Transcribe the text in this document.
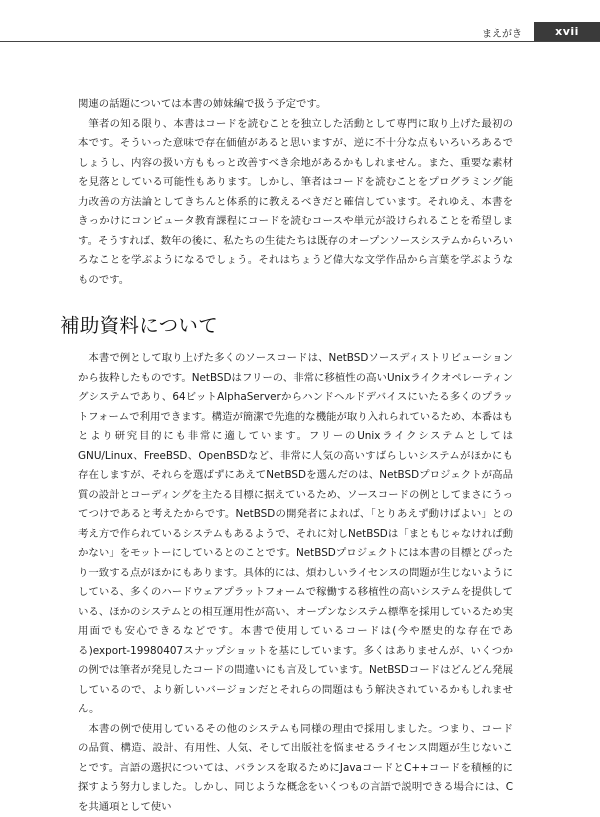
まえがき	xvii

関連の話題については本書の姉妹編で扱う予定です。

筆者の知る限り、本書はコードを読むことを独立した活動として専門に取り上げた最初の本です。そういった意味で存在価値があると思いますが、逆に不十分な点もいろいろあるでしょうし、内容の扱い方ももっと改善すべき余地があるかもしれません。また、重要な素材を見落としている可能性もあります。しかし、筆者はコードを読むことをプログラミング能力改善の方法論としてきちんと体系的に教えるべきだと確信しています。それゆえ、本書をきっかけにコンピュータ教育課程にコードを読むコースや単元が設けられることを希望します。そうすれば、数年の後に、私たちの生徒たちは既存のオープンソースシステムからいろいろなことを学ぶようになるでしょう。それはちょうど偉大な文学作品から言葉を学ぶようなものです。

補助資料について

本書で例として取り上げた多くのソースコードは、NetBSDソースディストリビューションから抜粋したものです。NetBSDはフリーの、非常に移植性の高いUnixライクオペレーティングシステムであり、64ビットAlphaServerからハンドヘルドデバイスにいたる多くのプラットフォームで利用できます。構造が簡潔で先進的な機能が取り入れられているため、本番はもとより研究目的にも非常に適しています。フリーのUnixライクシステムとしてはGNU/Linux、FreeBSD、OpenBSDなど、非常に人気の高いすばらしいシステムがほかにも存在しますが、それらを選ばずにあえてNetBSDを選んだのは、NetBSDプロジェクトが高品質の設計とコーディングを主たる目標に据えているため、ソースコードの例としてまさにうってつけであると考えたからです。NetBSDの開発者によれば、「とりあえず動けばよい」との考え方で作られているシステムもあるようで、それに対しNetBSDは「まともじゃなければ動かない」をモットーにしているとのことです。NetBSDプロジェクトには本書の目標とぴったり一致する点がほかにもあります。具体的には、煩わしいライセンスの問題が生じないようにしている、多くのハードウェアプラットフォームで稼働する移植性の高いシステムを提供している、ほかのシステムとの相互運用性が高い、オープンなシステム標準を採用しているため実用面でも安心できるなどです。本書で使用しているコードは(今や歴史的な存在である)export-19980407スナップショットを基にしています。多くはありませんが、いくつかの例では筆者が発見したコードの間違いにも言及しています。NetBSDコードはどんどん発展しているので、より新しいバージョンだとそれらの問題はもう解決されているかもしれません。

本書の例で使用しているその他のシステムも同様の理由で採用しました。つまり、コードの品質、構造、設計、有用性、人気、そして出版社を悩ませるライセンス問題が生じないことです。言語の選択については、バランスを取るためにJavaコードとC++コードを積極的に探すよう努力しました。しかし、同じような概念をいくつもの言語で説明できる場合には、Cを共通項として使い
